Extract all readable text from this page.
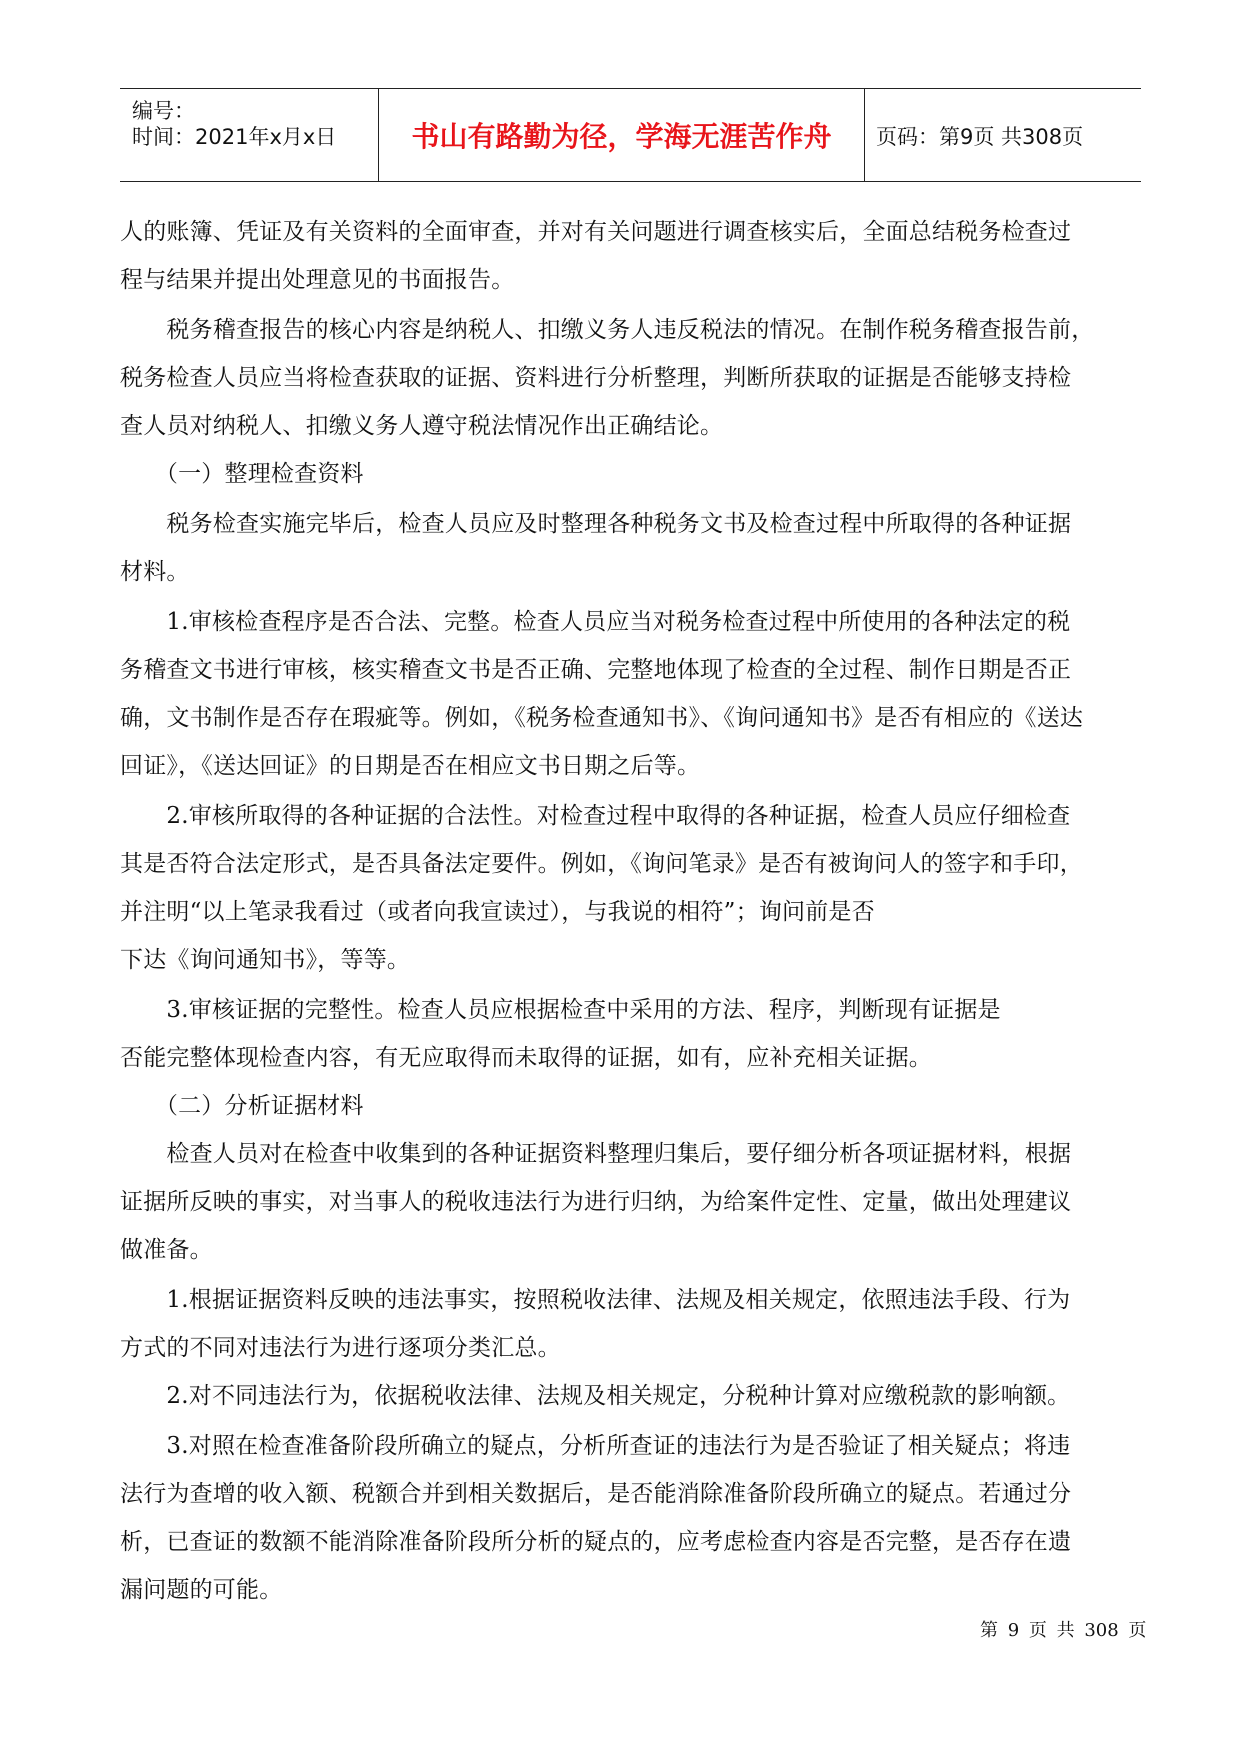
编号：
时间：2021年x月x日	书山有路勤为径，学海无涯苦作舟	页码：第9页 共308页
人的账簿、凭证及有关资料的全面审查，并对有关问题进行调查核实后，全面总结税务检查过
程与结果并提出处理意见的书面报告。
　　税务稽查报告的核心内容是纳税人、扣缴义务人违反税法的情况。在制作税务稽查报告前，
税务检查人员应当将检查获取的证据、资料进行分析整理，判断所获取的证据是否能够支持检
查人员对纳税人、扣缴义务人遵守税法情况作出正确结论。
　　（一）整理检查资料
　　税务检查实施完毕后，检查人员应及时整理各种税务文书及检查过程中所取得的各种证据
材料。
　　1.审核检查程序是否合法、完整。检查人员应当对税务检查过程中所使用的各种法定的税
务稽查文书进行审核，核实稽查文书是否正确、完整地体现了检查的全过程、制作日期是否正
确，文书制作是否存在瑕疵等。例如，《税务检查通知书》、《询问通知书》是否有相应的《送达
回证》，《送达回证》的日期是否在相应文书日期之后等。
　　2.审核所取得的各种证据的合法性。对检查过程中取得的各种证据，检查人员应仔细检查
其是否符合法定形式，是否具备法定要件。例如，《询问笔录》是否有被询问人的签字和手印，
并注明“以上笔录我看过（或者向我宣读过），与我说的相符”；询问前是否
下达《询问通知书》，等等。
　　3.审核证据的完整性。检查人员应根据检查中采用的方法、程序，判断现有证据是
否能完整体现检查内容，有无应取得而未取得的证据，如有，应补充相关证据。
　　（二）分析证据材料
　　检查人员对在检查中收集到的各种证据资料整理归集后，要仔细分析各项证据材料，根据
证据所反映的事实，对当事人的税收违法行为进行归纳，为给案件定性、定量，做出处理建议
做准备。
　　1.根据证据资料反映的违法事实，按照税收法律、法规及相关规定，依照违法手段、行为
方式的不同对违法行为进行逐项分类汇总。
　　2.对不同违法行为，依据税收法律、法规及相关规定，分税种计算对应缴税款的影响额。
　　3.对照在检查准备阶段所确立的疑点，分析所查证的违法行为是否验证了相关疑点；将违
法行为查增的收入额、税额合并到相关数据后，是否能消除准备阶段所确立的疑点。若通过分
析，已查证的数额不能消除准备阶段所分析的疑点的，应考虑检查内容是否完整，是否存在遗
漏问题的可能。
第 9 页 共 308 页
